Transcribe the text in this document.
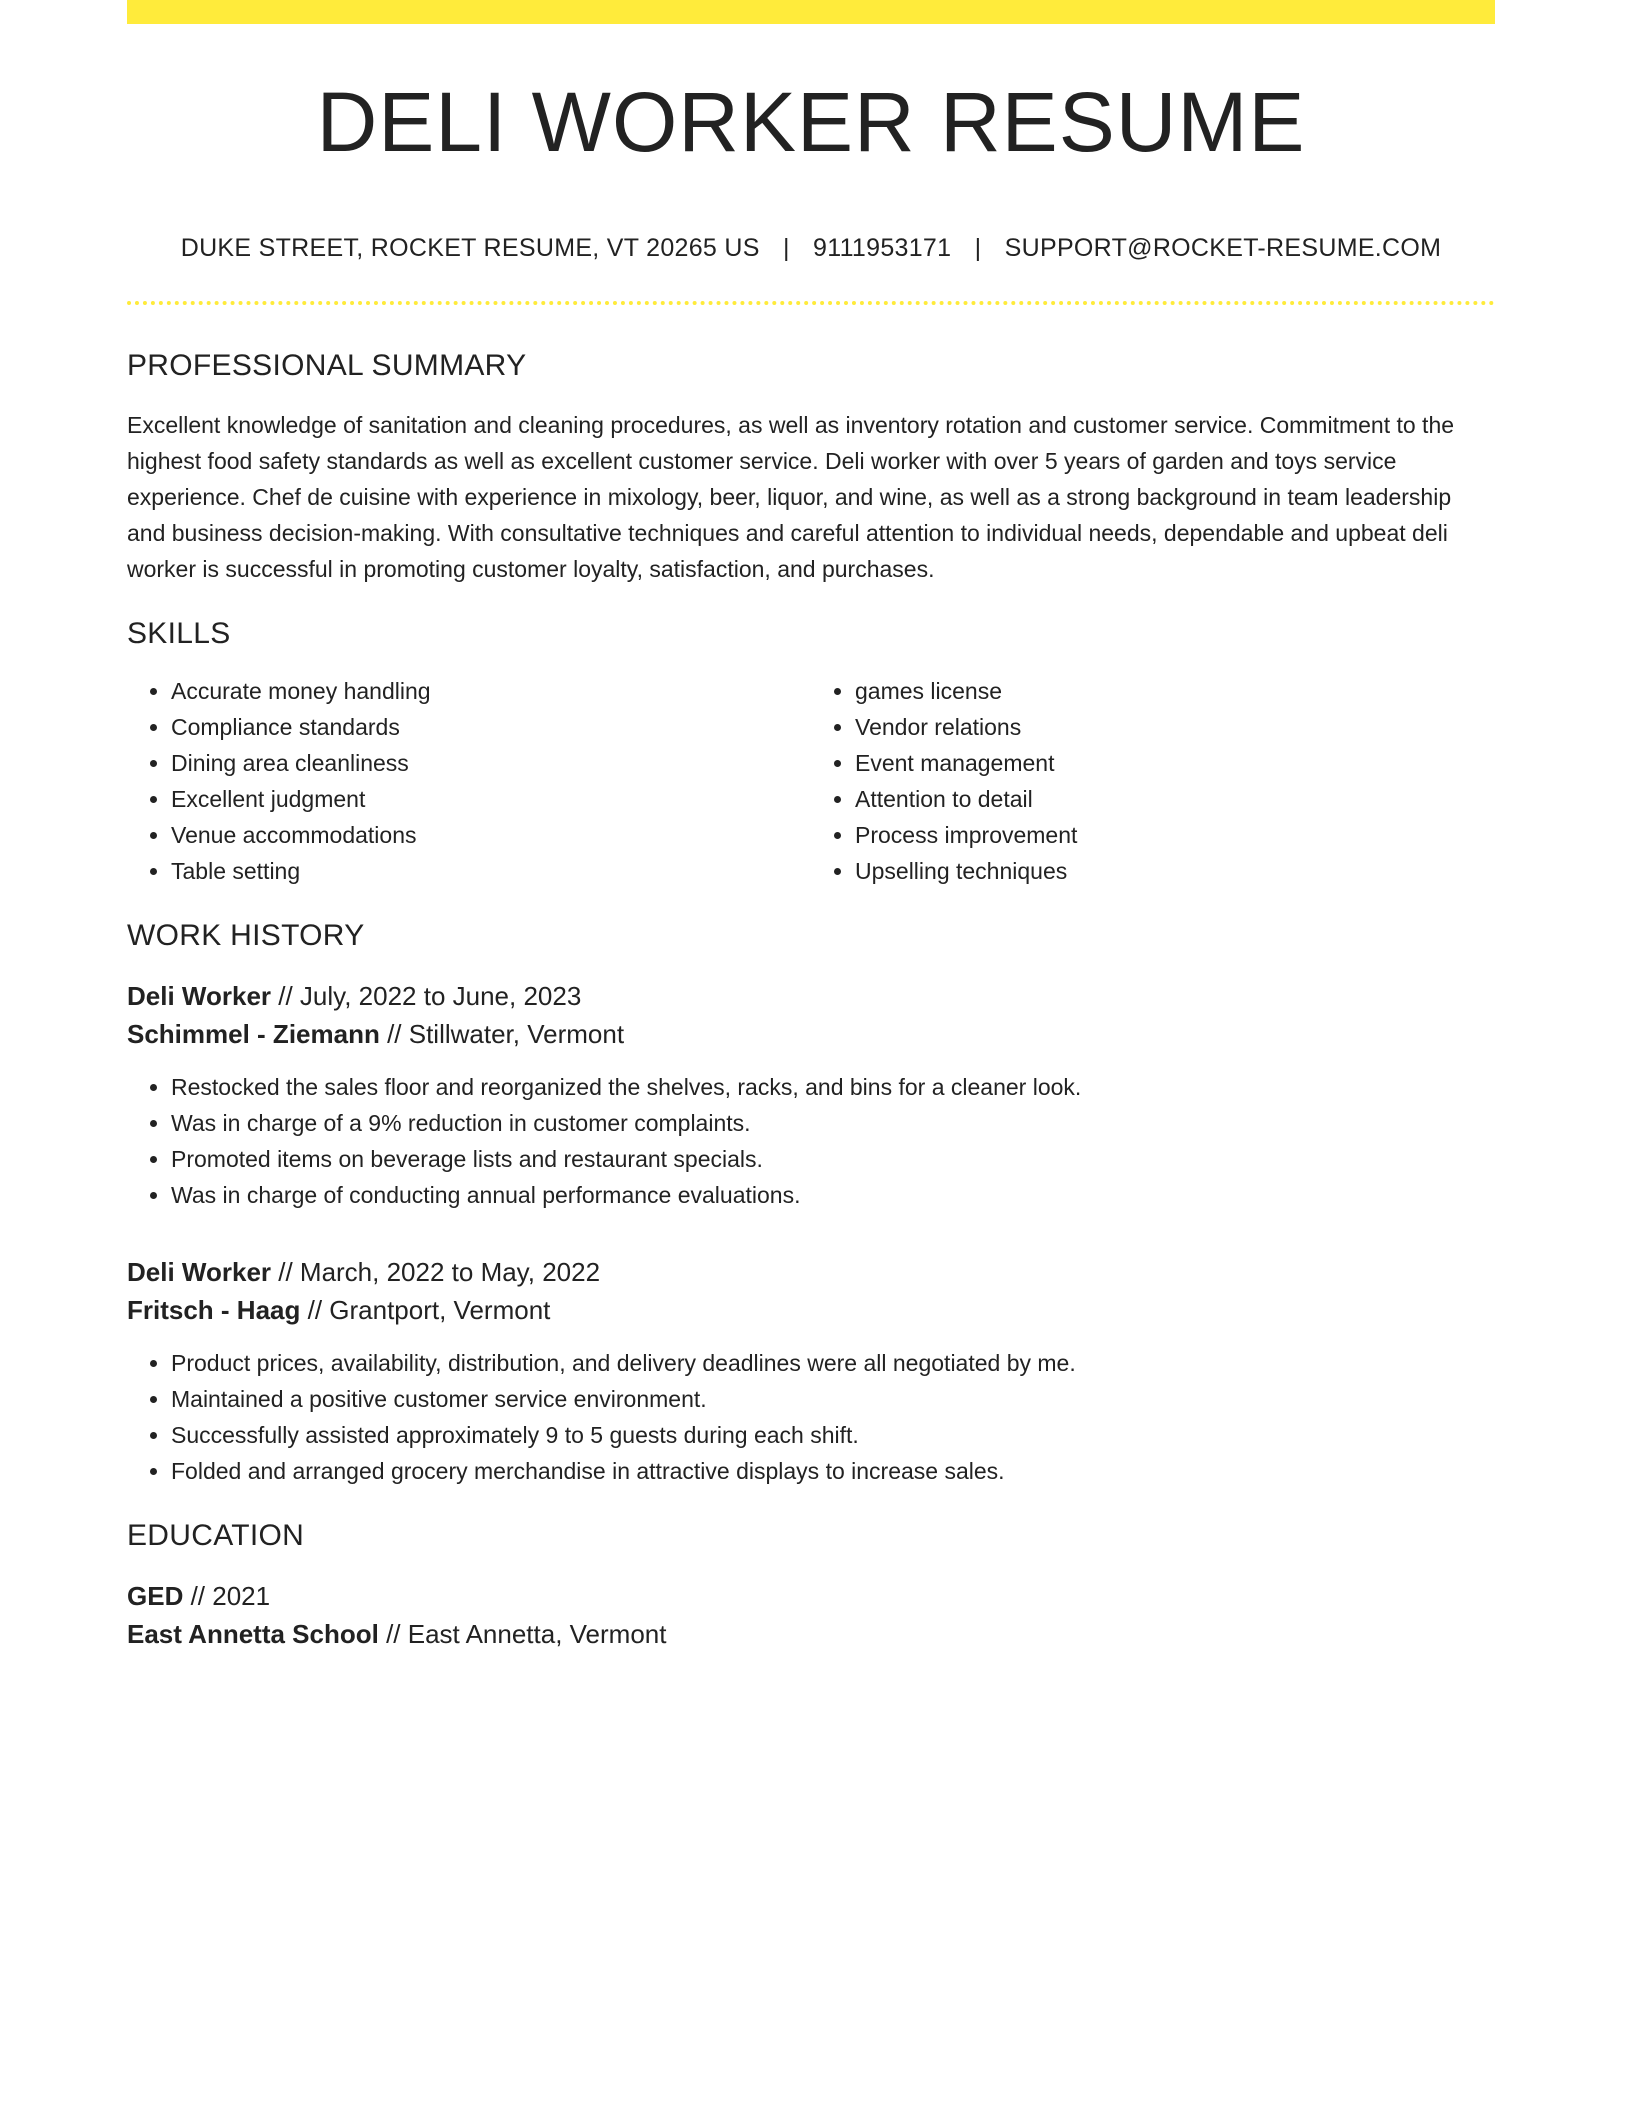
DELI WORKER RESUME
DUKE STREET, ROCKET RESUME, VT 20265 US | 9111953171 | SUPPORT@ROCKET-RESUME.COM
PROFESSIONAL SUMMARY
Excellent knowledge of sanitation and cleaning procedures, as well as inventory rotation and customer service. Commitment to the highest food safety standards as well as excellent customer service. Deli worker with over 5 years of garden and toys service experience. Chef de cuisine with experience in mixology, beer, liquor, and wine, as well as a strong background in team leadership and business decision-making. With consultative techniques and careful attention to individual needs, dependable and upbeat deli worker is successful in promoting customer loyalty, satisfaction, and purchases.
SKILLS
• Accurate money handling
• Compliance standards
• Dining area cleanliness
• Excellent judgment
• Venue accommodations
• Table setting
• games license
• Vendor relations
• Event management
• Attention to detail
• Process improvement
• Upselling techniques
WORK HISTORY
Deli Worker // July, 2022 to June, 2023
Schimmel - Ziemann // Stillwater, Vermont
• Restocked the sales floor and reorganized the shelves, racks, and bins for a cleaner look.
• Was in charge of a 9% reduction in customer complaints.
• Promoted items on beverage lists and restaurant specials.
• Was in charge of conducting annual performance evaluations.
Deli Worker // March, 2022 to May, 2022
Fritsch - Haag // Grantport, Vermont
• Product prices, availability, distribution, and delivery deadlines were all negotiated by me.
• Maintained a positive customer service environment.
• Successfully assisted approximately 9 to 5 guests during each shift.
• Folded and arranged grocery merchandise in attractive displays to increase sales.
EDUCATION
GED // 2021
East Annetta School // East Annetta, Vermont
